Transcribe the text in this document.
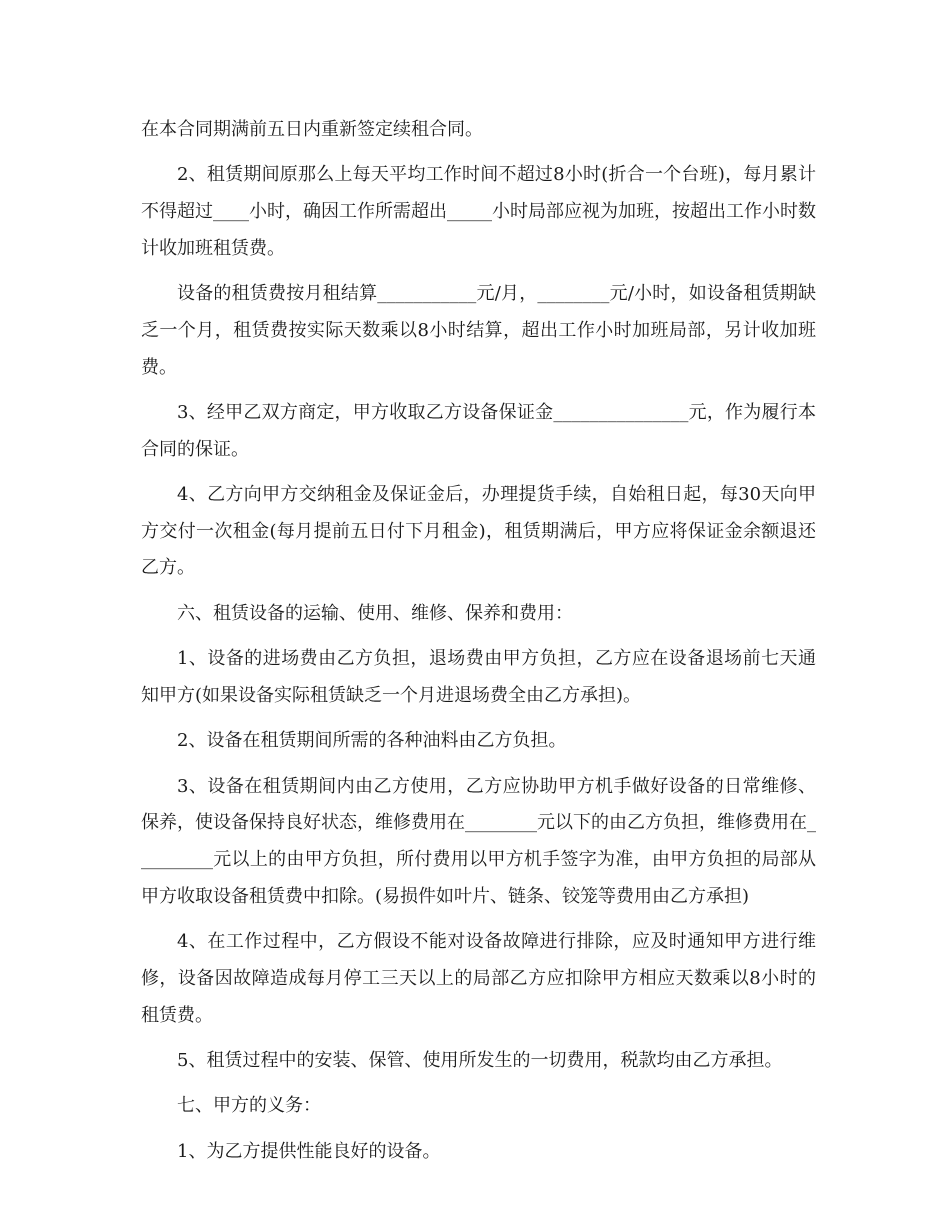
在本合同期满前五日内重新签定续租合同。

2、租赁期间原那么上每天平均工作时间不超过8小时(折合一个台班)，每月累计不得超过____小时，确因工作所需超出_____小时局部应视为加班，按超出工作小时数计收加班租赁费。

设备的租赁费按月租结算___________元/月，________元/小时，如设备租赁期缺乏一个月，租赁费按实际天数乘以8小时结算，超出工作小时加班局部，另计收加班费。

3、经甲乙双方商定，甲方收取乙方设备保证金_______________元，作为履行本合同的保证。

4、乙方向甲方交纳租金及保证金后，办理提货手续，自始租日起，每30天向甲方交付一次租金(每月提前五日付下月租金)，租赁期满后，甲方应将保证金余额退还乙方。

六、租赁设备的运输、使用、维修、保养和费用：

1、设备的进场费由乙方负担，退场费由甲方负担，乙方应在设备退场前七天通知甲方(如果设备实际租赁缺乏一个月进退场费全由乙方承担)。

2、设备在租赁期间所需的各种油料由乙方负担。

3、设备在租赁期间内由乙方使用，乙方应协助甲方机手做好设备的日常维修、保养，使设备保持良好状态，维修费用在________元以下的由乙方负担，维修费用在_________元以上的由甲方负担，所付费用以甲方机手签字为准，由甲方负担的局部从甲方收取设备租赁费中扣除。(易损件如叶片、链条、铰笼等费用由乙方承担)

4、在工作过程中，乙方假设不能对设备故障进行排除，应及时通知甲方进行维修，设备因故障造成每月停工三天以上的局部乙方应扣除甲方相应天数乘以8小时的租赁费。

5、租赁过程中的安装、保管、使用所发生的一切费用，税款均由乙方承担。

七、甲方的义务：

1、为乙方提供性能良好的设备。
